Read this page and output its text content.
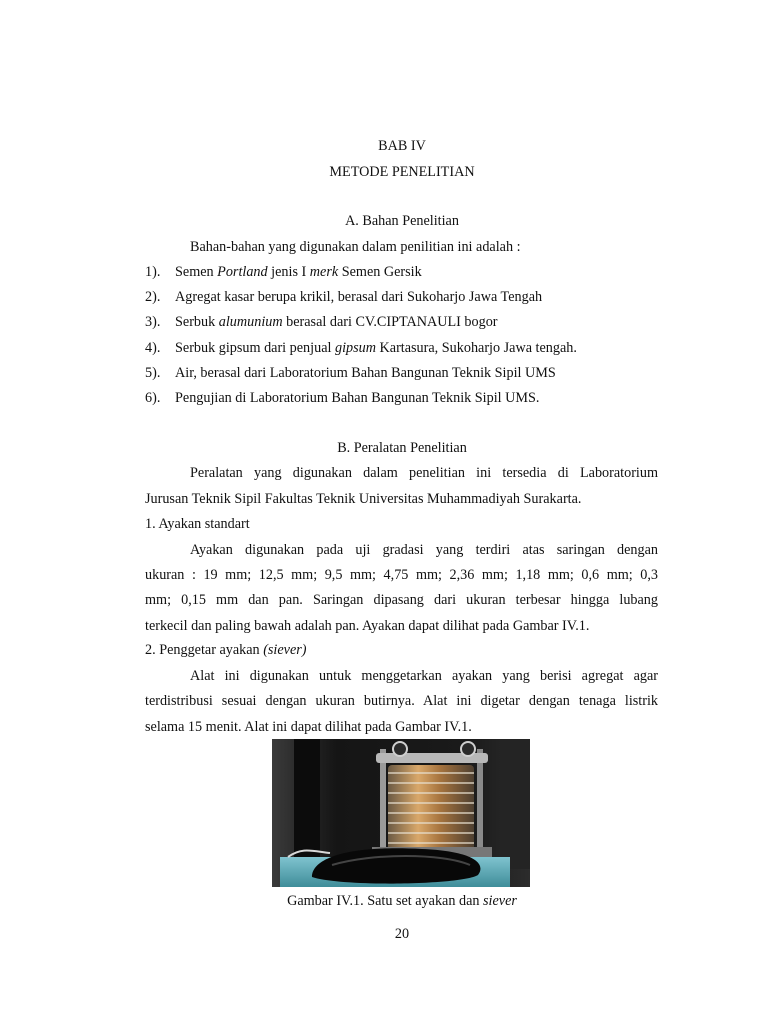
BAB IV
METODE PENELITIAN
A. Bahan Penelitian
Bahan-bahan yang digunakan dalam penilitian ini adalah :
1). Semen Portland jenis I merk Semen Gersik
2). Agregat kasar berupa krikil, berasal dari Sukoharjo Jawa Tengah
3). Serbuk alumunium berasal dari CV.CIPTANAULI bogor
4). Serbuk gipsum dari penjual gipsum Kartasura, Sukoharjo Jawa tengah.
5). Air, berasal dari Laboratorium Bahan Bangunan Teknik Sipil UMS
6). Pengujian di Laboratorium Bahan Bangunan Teknik Sipil UMS.
B. Peralatan Penelitian
Peralatan yang digunakan dalam penelitian ini tersedia di Laboratorium
Jurusan Teknik Sipil Fakultas Teknik Universitas Muhammadiyah Surakarta.
1. Ayakan standart
Ayakan digunakan pada uji gradasi yang terdiri atas saringan dengan
ukuran : 19 mm; 12,5 mm; 9,5 mm; 4,75 mm; 2,36 mm; 1,18 mm; 0,6 mm; 0,3
mm; 0,15 mm dan pan. Saringan dipasang dari ukuran terbesar hingga lubang
terkecil dan paling bawah adalah pan. Ayakan dapat dilihat pada Gambar IV.1.
2. Penggetar ayakan (siever)
Alat ini digunakan untuk menggetarkan ayakan yang berisi agregat agar
terdistribusi sesuai dengan ukuran butirnya. Alat ini digetar dengan tenaga listrik
selama 15 menit. Alat ini dapat dilihat pada Gambar IV.1.
Gambar IV.1. Satu set ayakan dan siever
20
